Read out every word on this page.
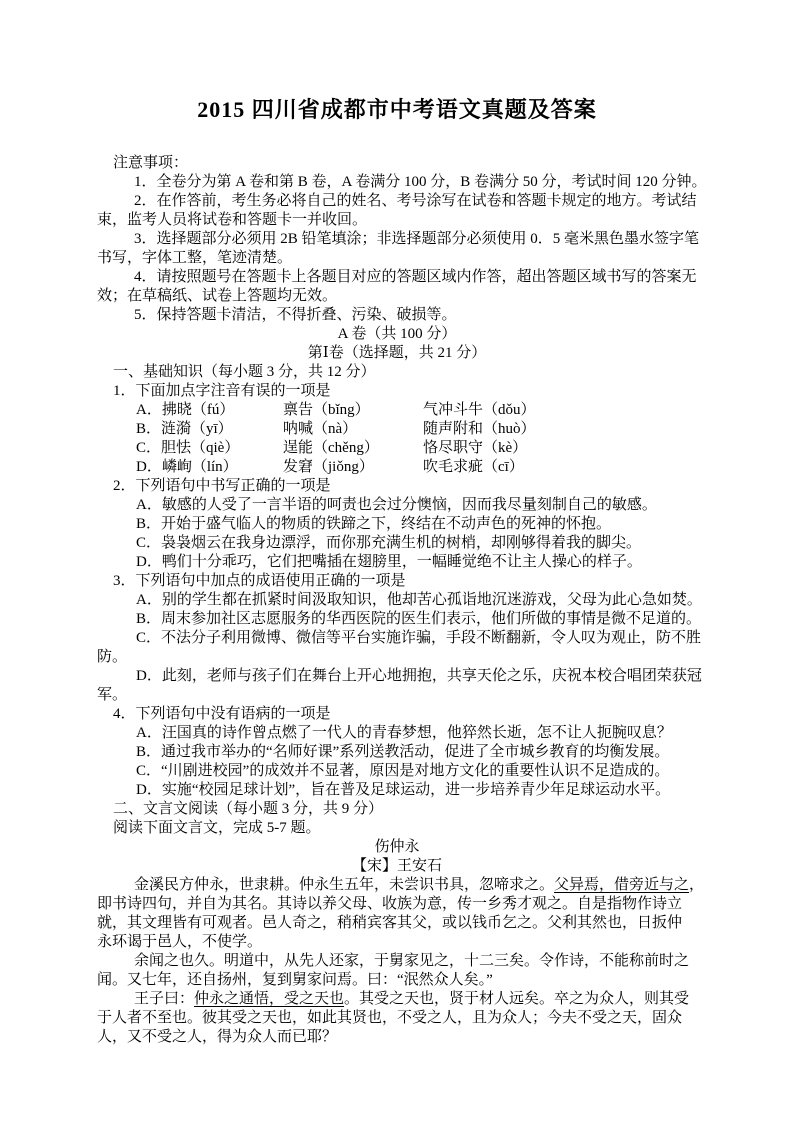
2015 四川省成都市中考语文真题及答案
注意事项：
1．全卷分为第 A 卷和第 B 卷，A 卷满分 100 分，B 卷满分 50 分，考试时间 120 分钟。
2．在作答前，考生务必将自己的姓名、考号涂写在试卷和答题卡规定的地方。考试结
束，监考人员将试卷和答题卡一并收回。
3．选择题部分必须用 2B 铅笔填涂；非选择题部分必须使用 0．5 毫米黑色墨水签字笔
书写，字体工整，笔迹清楚。
4．请按照题号在答题卡上各题目对应的答题区域内作答，超出答题区域书写的答案无
效；在草稿纸、试卷上答题均无效。
5．保持答题卡清洁，不得折叠、污染、破损等。
A 卷（共 100 分）
第Ⅰ卷（选择题，共 21 分）
一、基础知识（每小题 3 分，共 12 分）
1．下面加点字注音有误的一项是
A．拂晓（fú）	禀告（bǐng）	气冲斗牛（dǒu）
B．涟漪（yī）	呐喊（nà）	随声附和（huò）
C．胆怯（qiè）	逞能（chěng）	恪尽职守（kè）
D．嶙峋（lín）	发窘（jiǒng）	吹毛求疵（cī）
2．下列语句中书写正确的一项是
A．敏感的人受了一言半语的呵责也会过分懊恼，因而我尽量刻制自己的敏感。
B．开始于盛气临人的物质的铁蹄之下，终结在不动声色的死神的怀抱。
C．袅袅烟云在我身边漂浮，而你那充满生机的树梢，却刚够得着我的脚尖。
D．鸭们十分乖巧，它们把嘴插在翅膀里，一幅睡觉绝不让主人操心的样子。
3．下列语句中加点的成语使用正确的一项是
A．别的学生都在抓紧时间汲取知识，他却苦心孤诣地沉迷游戏，父母为此心急如焚。
B．周末参加社区志愿服务的华西医院的医生们表示，他们所做的事情是微不足道的。
C．不法分子利用微博、微信等平台实施诈骗，手段不断翻新，令人叹为观止，防不胜
防。
D．此刻，老师与孩子们在舞台上开心地拥抱，共享天伦之乐，庆祝本校合唱团荣获冠
军。
4．下列语句中没有语病的一项是
A．汪国真的诗作曾点燃了一代人的青春梦想，他猝然长逝，怎不让人扼腕叹息？
B．通过我市举办的“名师好课”系列送教活动，促进了全市城乡教育的均衡发展。
C．“川剧进校园”的成效并不显著，原因是对地方文化的重要性认识不足造成的。
D．实施“校园足球计划”，旨在普及足球运动，进一步培养青少年足球运动水平。
二、文言文阅读（每小题 3 分，共 9 分）
阅读下面文言文，完成 5-7 题。
伤仲永
【宋】王安石
金溪民方仲永，世隶耕。仲永生五年，未尝识书具，忽啼求之。父异焉，借旁近与之，
即书诗四句，并自为其名。其诗以养父母、收族为意，传一乡秀才观之。自是指物作诗立
就，其文理皆有可观者。邑人奇之，稍稍宾客其父，或以钱币乞之。父利其然也，日扳仲
永环谒于邑人，不使学。
余闻之也久。明道中，从先人还家，于舅家见之，十二三矣。令作诗，不能称前时之
闻。又七年，还自扬州，复到舅家问焉。曰：“泯然众人矣。”
王子曰：仲永之通悟，受之天也。其受之天也，贤于材人远矣。卒之为众人，则其受
于人者不至也。彼其受之天也，如此其贤也，不受之人，且为众人；今夫不受之天，固众
人，又不受之人，得为众人而已耶？
